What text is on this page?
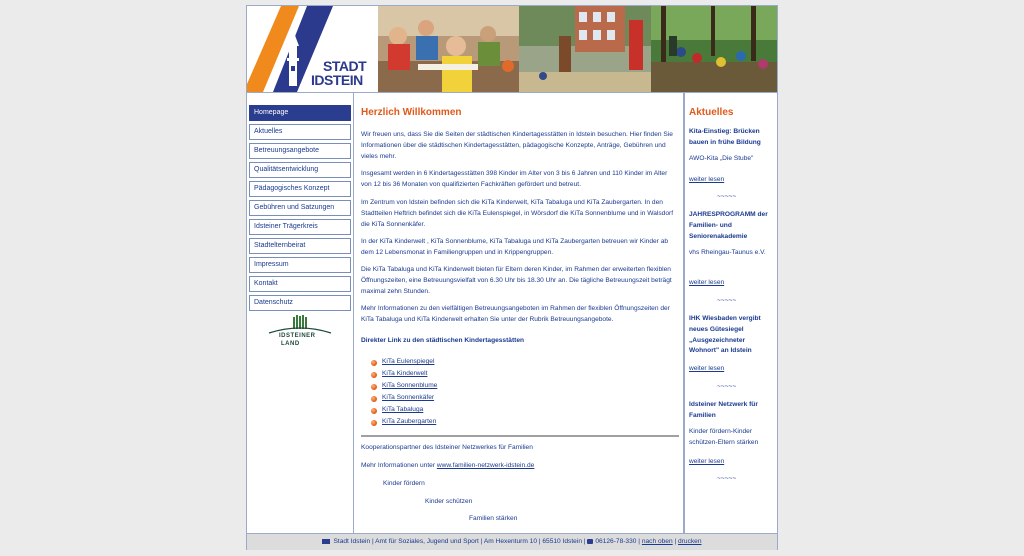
STADT
IDSTEIN
Homepage
Aktuelles
Betreuungsangebote
Qualitätsentwicklung
Pädagogisches Konzept
Gebühren und Satzungen
Idsteiner Trägerkreis
Stadtelternbeirat
Impressum
Kontakt
Datenschutz
IDSTEINER
LAND
Herzlich Willkommen
Wir freuen uns, dass Sie die Seiten der städtischen Kindertagesstätten in Idstein besuchen. Hier finden Sie Informationen über die städtischen Kindertagesstätten, pädagogische Konzepte, Anträge, Gebühren und vieles mehr.
Insgesamt werden in 6 Kindertagesstätten 398 Kinder im Alter von 3 bis 6 Jahren und 110 Kinder im Alter von 12 bis 36 Monaten von qualifizierten Fachkräften gefördert und betreut.
Im Zentrum von Idstein befinden sich die KiTa Kinderwelt, KiTa Tabaluga und KiTa Zaubergarten. In den Stadtteilen Heftrich befindet sich die KiTa Eulenspiegel, in Wörsdorf die KiTa Sonnenblume und in Walsdorf die KiTa Sonnenkäfer.
In der KiTa Kinderwelt , KiTa Sonnenblume, KiTa Tabaluga und KiTa Zaubergarten betreuen wir Kinder ab dem 12 Lebensmonat in Familiengruppen und in Krippengruppen.
Die KiTa Tabaluga und KiTa Kinderwelt bieten für Eltern deren Kinder, im Rahmen der erweiterten flexiblen Öffnungszeiten, eine Betreuungsvielfalt von 6.30 Uhr bis 18.30 Uhr an. Die tägliche Betreuungszeit beträgt maximal zehn Stunden.
Mehr Informationen zu den vielfältigen Betreuungsangeboten im Rahmen der flexiblen Öffnungszeiten der KiTa Tabaluga und KiTa Kinderwelt erhalten Sie unter der Rubrik Betreuungsangebote.
Direkter Link zu den städtischen Kindertagesstätten
KiTa Eulenspiegel
KiTa Kinderwelt
KiTa Sonnenblume
KiTa Sonnenkäfer
KiTa Tabaluga
KiTa Zaubergarten
Kooperationspartner des Idsteiner Netzwerkes für Familien
Mehr Informationen unter www.familien-netzwerk-idstein.de
Kinder fördern
Kinder schützen
Familien stärken
Aktuelles
Kita-Einstieg: Brücken bauen in frühe Bildung
AWO-Kita „Die Stube"
weiter lesen
~~~~~
JAHRESPROGRAMM der Familien- und Seniorenakademie
vhs Rheingau-Taunus e.V.
weiter lesen
~~~~~
IHK Wiesbaden vergibt neues Gütesiegel „Ausgezeichneter Wohnort" an Idstein
weiter lesen
~~~~~
Idsteiner Netzwerk für Familien
Kinder fördern-Kinder schützen-Eltern stärken
weiter lesen
~~~~~
Stadt Idstein | Amt für Soziales, Jugend und Sport | Am Hexenturm 10 | 65510 Idstein | 06126-78-330 | nach oben | drucken
